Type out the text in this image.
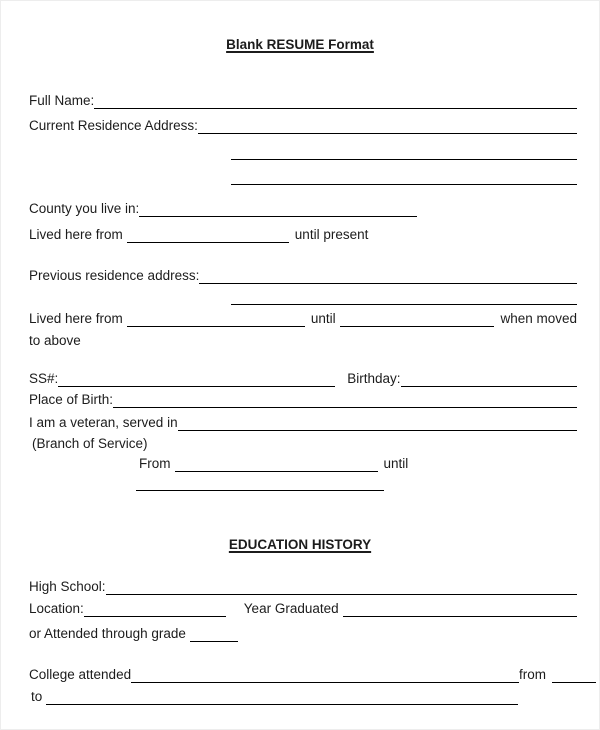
Blank RESUME Format
Full Name:
Current Residence Address:
County you live in:
Lived here from	until present
Previous residence address:
Lived here from	until	when moved
to above
SS#:	Birthday:
Place of Birth:
I am a veteran, served in
(Branch of Service)
From	until
EDUCATION HISTORY
High School:
Location:	Year Graduated
or Attended through grade
College attended	from
to
